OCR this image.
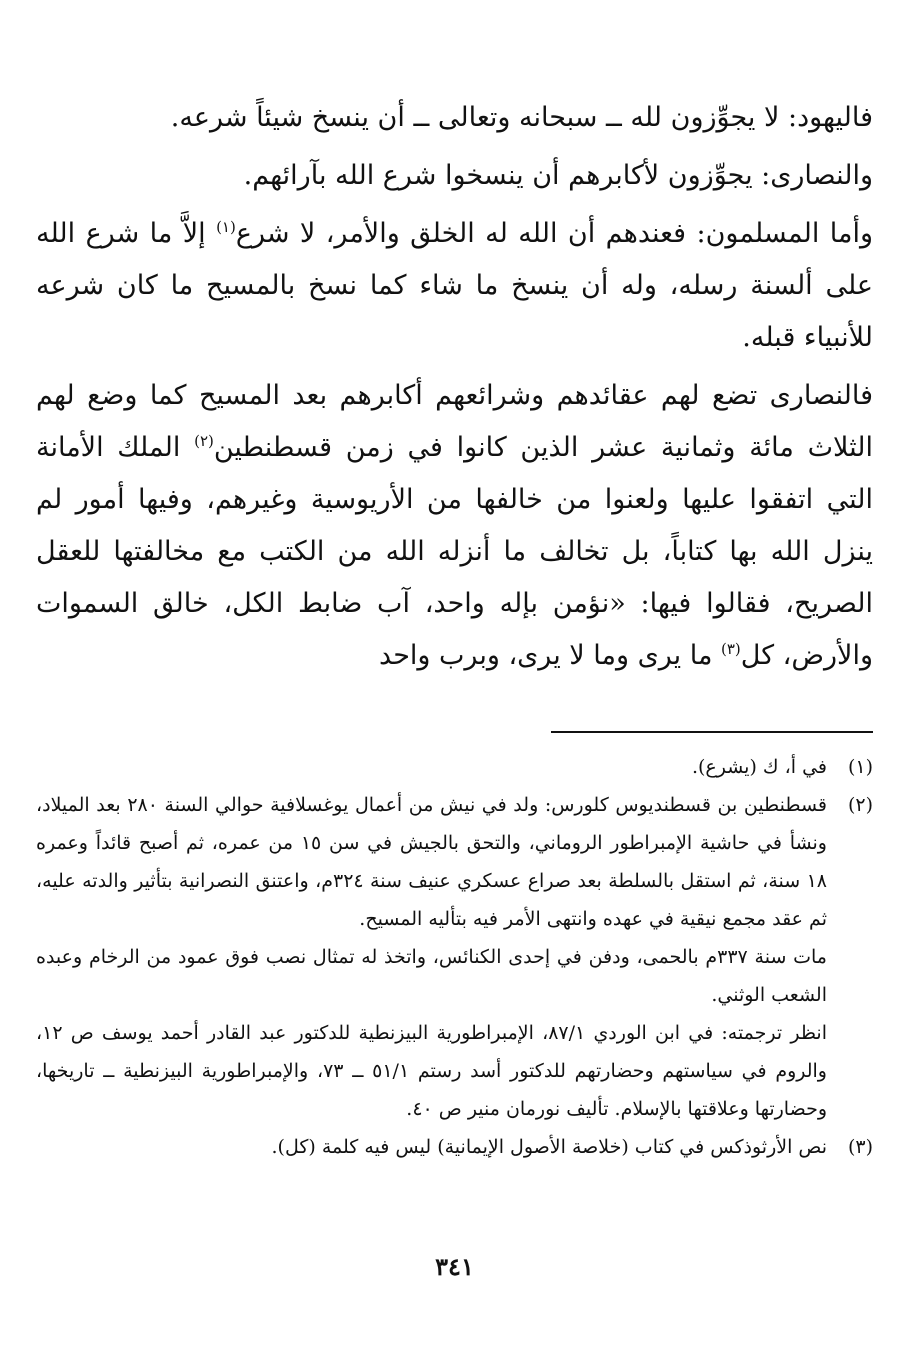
فاليهود: لا يجوِّزون لله ــ سبحانه وتعالى ــ أن ينسخ شيئاً شرعه.

والنصارى: يجوِّزون لأكابرهم أن ينسخوا شرع الله بآرائهم.

وأما المسلمون: فعندهم أن الله له الخلق والأمر، لا شرع$^{(١)}$ إلاَّ ما شرع الله على ألسنة رسله، وله أن ينسخ ما شاء كما نسخ بالمسيح ما كان شرعه للأنبياء قبله.

فالنصارى تضع لهم عقائدهم وشرائعهم أكابرهم بعد المسيح كما وضع لهم الثلاث مائة وثمانية عشر الذين كانوا في زمن قسطنطين$^{(٢)}$ الملك الأمانة التي اتفقوا عليها ولعنوا من خالفها من الأريوسية وغيرهم، وفيها أمور لم ينزل الله بها كتاباً، بل تخالف ما أنزله الله من الكتب مع مخالفتها للعقل الصريح، فقالوا فيها: «نؤمن بإله واحد، آب ضابط الكل، خالق السموات والأرض، كل$^{(٣)}$ ما يرى وما لا يرى، وبرب واحد

(١)

في أ، ك (يشرع).

(٢)

قسطنطين بن قسطنديوس كلورس: ولد في نيش من أعمال يوغسلافية حوالي السنة ٢٨٠ بعد الميلاد، ونشأ في حاشية الإمبراطور الروماني، والتحق بالجيش في سن ١٥ من عمره، ثم أصبح قائداً وعمره ١٨ سنة، ثم استقل بالسلطة بعد صراع عسكري عنيف سنة ٣٢٤م، واعتنق النصرانية بتأثير والدته عليه، ثم عقد مجمع نيقية في عهده وانتهى الأمر فيه بتأليه المسيح.

مات سنة ٣٣٧م بالحمى، ودفن في إحدى الكنائس، واتخذ له تمثال نصب فوق عمود من الرخام وعبده الشعب الوثني.

انظر ترجمته: في ابن الوردي ٨٧/١، الإمبراطورية البيزنطية للدكتور عبد القادر أحمد يوسف ص ١٢، والروم في سياستهم وحضارتهم للدكتور أسد رستم ٥١/١ ــ ٧٣، والإمبراطورية البيزنطية ــ تاريخها، وحضارتها وعلاقتها بالإسلام. تأليف نورمان منير ص ٤٠.

(٣)

نص الأرثوذكس في كتاب (خلاصة الأصول الإيمانية) ليس فيه كلمة (كل).

٣٤١
